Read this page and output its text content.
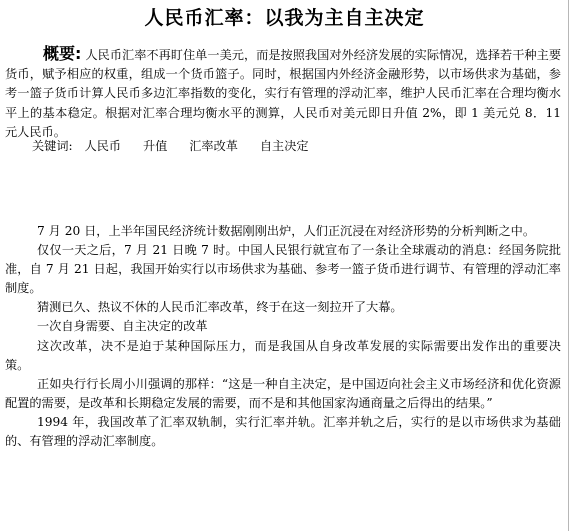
人民币汇率：以我为主自主决定
概要: 人民币汇率不再盯住单一美元，而是按照我国对外经济发展的实际情况，选择若干种主要货币，赋予相应的权重，组成一个货币篮子。同时，根据国内外经济金融形势，以市场供求为基础，参考一篮子货币计算人民币多边汇率指数的变化，实行有管理的浮动汇率，维护人民币汇率在合理均衡水平上的基本稳定。根据对汇率合理均衡水平的测算，人民币对美元即日升值 2%，即 1 美元兑 8．11 元人民币。
关键词: 人民币 升值 汇率改革 自主决定

7 月 20 日，上半年国民经济统计数据刚刚出炉，人们正沉浸在对经济形势的分析判断之中。

仅仅一天之后，7 月 21 日晚 7 时。中国人民银行就宣布了一条让全球震动的消息：经国务院批准，自 7 月 21 日起，我国开始实行以市场供求为基础、参考一篮子货币进行调节、有管理的浮动汇率制度。

猜测已久、热议不休的人民币汇率改革，终于在这一刻拉开了大幕。

一次自身需要、自主决定的改革

这次改革，决不是迫于某种国际压力，而是我国从自身改革发展的实际需要出发作出的重要决策。

正如央行行长周小川强调的那样：“这是一种自主决定，是中国迈向社会主义市场经济和优化资源配置的需要，是改革和长期稳定发展的需要，而不是和其他国家沟通商量之后得出的结果。”

1994 年，我国改革了汇率双轨制，实行汇率并轨。汇率并轨之后，实行的是以市场供求为基础的、有管理的浮动汇率制度。
